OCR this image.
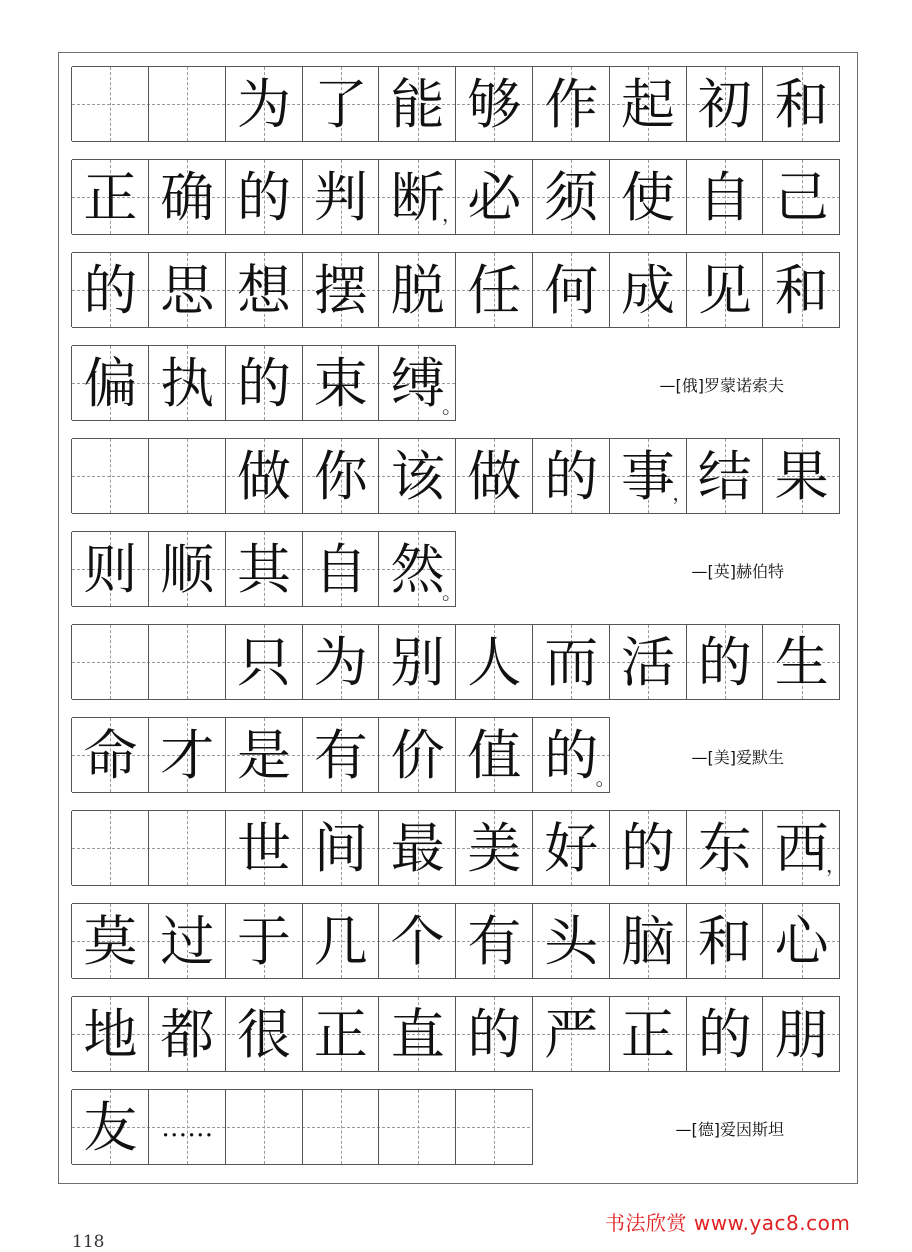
为 了 能 够 作 起 初 和
正 确 的 判 断 必 须 使 自 己
，
的 思 想 摆 脱 任 何 成 见 和
—[俄]罗蒙诺索夫
偏 执 的 束 缚
。
做 你 该 做 的 事 结 果
，
—[英]赫伯特
则 顺 其 自 然
。
只 为 别 人 而 活 的 生
—[美]爱默生
命 才 是 有 价 值 的
。
世 间 最 美 好 的 东 西
，
莫 过 于 几 个 有 头 脑 和 心
地 都 很 正 直 的 严 正 的 朋
—[德]爱因斯坦
友 ……
118
书法欣赏 www.yac8.com
